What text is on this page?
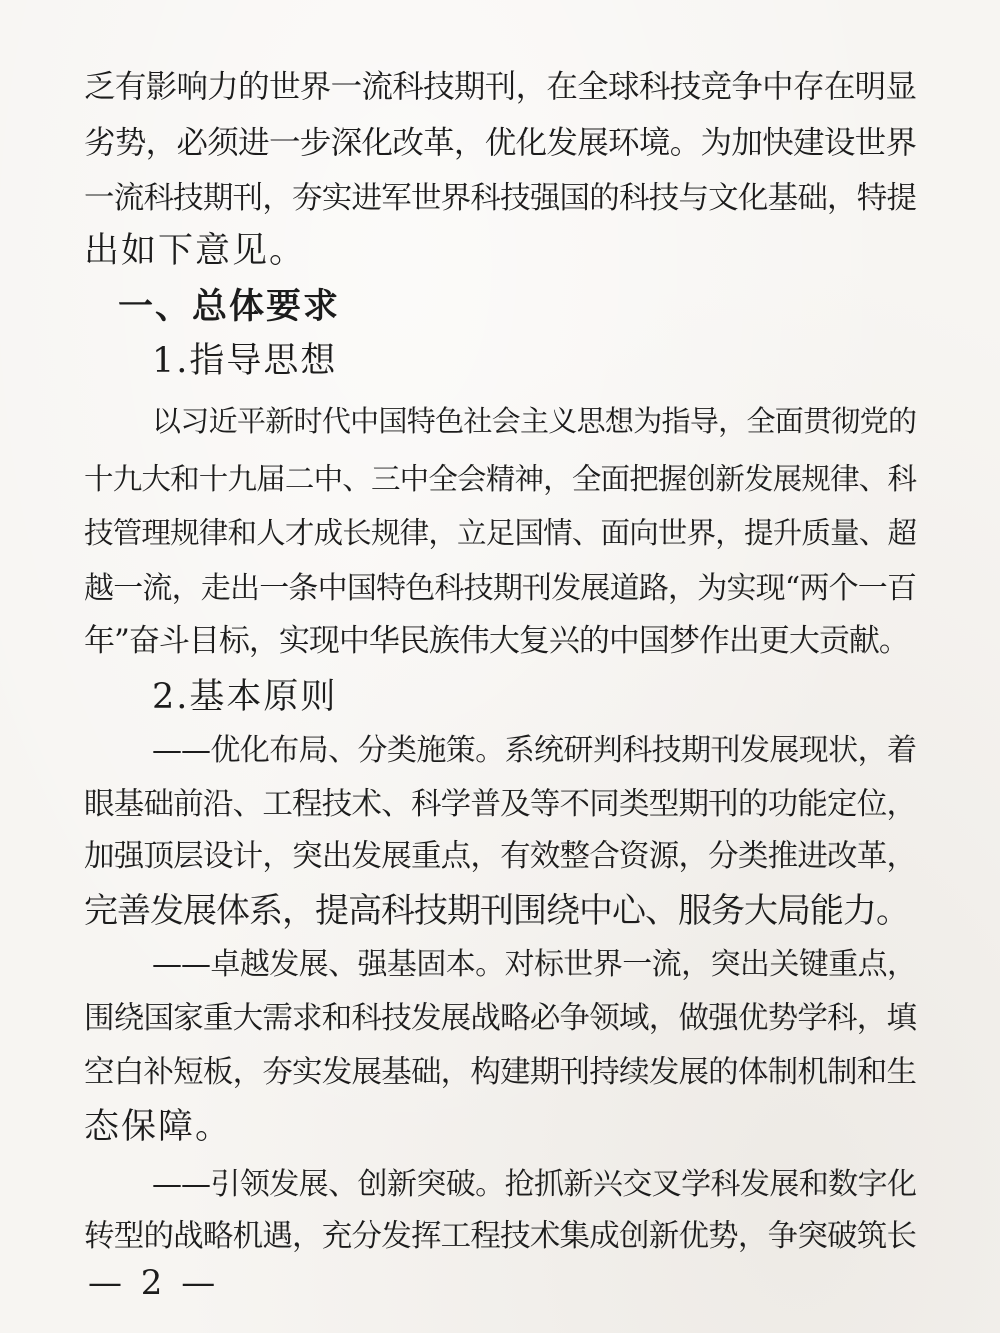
乏有影响力的世界一流科技期刊，在全球科技竞争中存在明显
劣势，必须进一步深化改革，优化发展环境。为加快建设世界
一流科技期刊，夯实进军世界科技强国的科技与文化基础，特提
出如下意见。
一、总体要求
1.指导思想
以习近平新时代中国特色社会主义思想为指导，全面贯彻党的
十九大和十九届二中、三中全会精神，全面把握创新发展规律、科
技管理规律和人才成长规律，立足国情、面向世界，提升质量、超
越一流，走出一条中国特色科技期刊发展道路，为实现“两个一百
年”奋斗目标，实现中华民族伟大复兴的中国梦作出更大贡献。
2.基本原则
——优化布局、分类施策。系统研判科技期刊发展现状，着
眼基础前沿、工程技术、科学普及等不同类型期刊的功能定位，
加强顶层设计，突出发展重点，有效整合资源，分类推进改革，
完善发展体系，提高科技期刊围绕中心、服务大局能力。
——卓越发展、强基固本。对标世界一流，突出关键重点，
围绕国家重大需求和科技发展战略必争领域，做强优势学科，填
空白补短板，夯实发展基础，构建期刊持续发展的体制机制和生
态保障。
——引领发展、创新突破。抢抓新兴交叉学科发展和数字化
转型的战略机遇，充分发挥工程技术集成创新优势，争突破筑长
— 2 —
